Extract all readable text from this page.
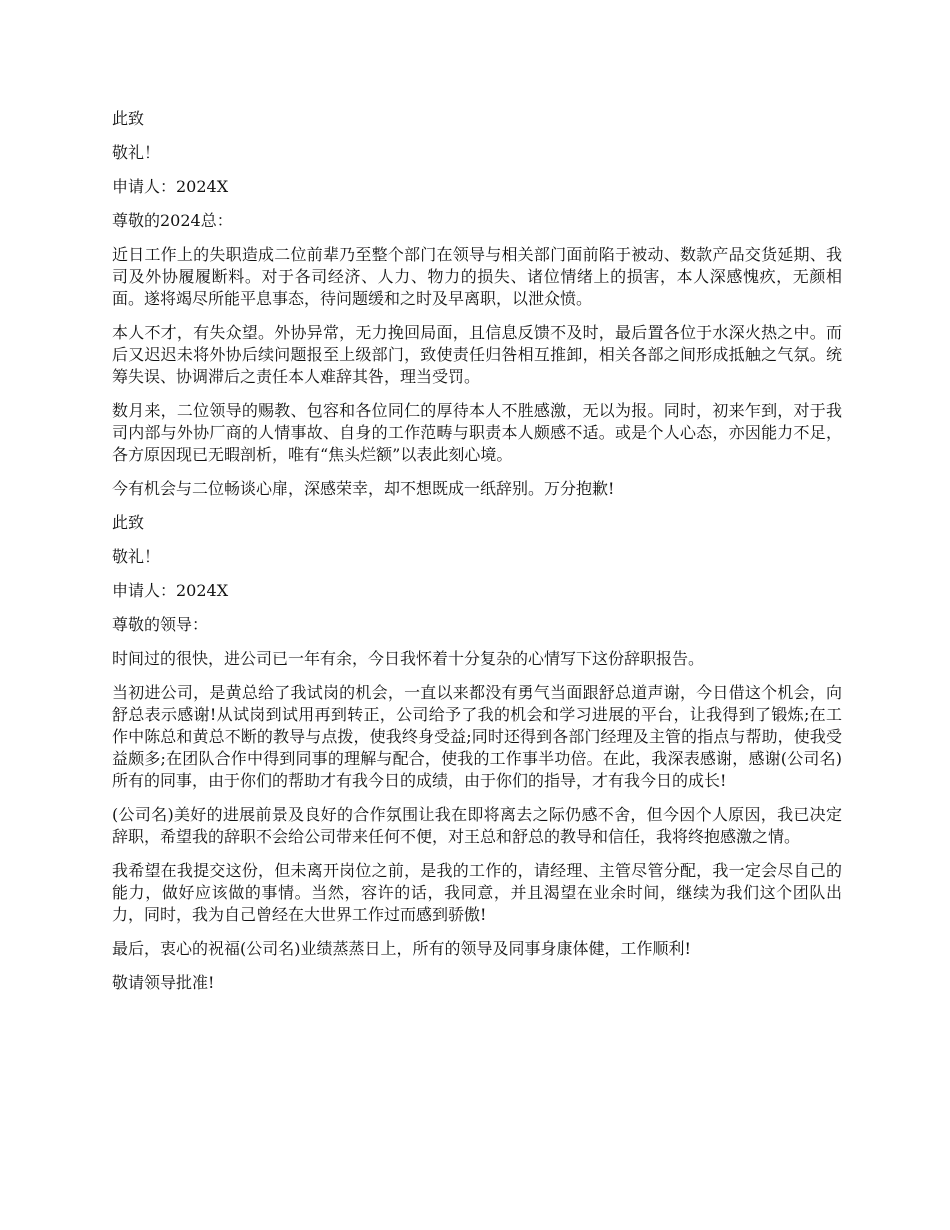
此致

敬礼！

申请人：2024X

尊敬的2024总：

近日工作上的失职造成二位前辈乃至整个部门在领导与相关部门面前陷于被动、数款产品交货延期、我司及外协履履断料。对于各司经济、人力、物力的损失、诸位情绪上的损害，本人深感愧疚，无颜相面。遂将竭尽所能平息事态，待问题缓和之时及早离职，以泄众愤。

本人不才，有失众望。外协异常，无力挽回局面，且信息反馈不及时，最后置各位于水深火热之中。而后又迟迟未将外协后续问题报至上级部门，致使责任归咎相互推卸，相关各部之间形成抵触之气氛。统筹失误、协调滞后之责任本人难辞其咎，理当受罚。

数月来，二位领导的赐教、包容和各位同仁的厚待本人不胜感激，无以为报。同时，初来乍到，对于我司内部与外协厂商的人情事故、自身的工作范畴与职责本人颇感不适。或是个人心态，亦因能力不足，各方原因现已无暇剖析，唯有“焦头烂额”以表此刻心境。

今有机会与二位畅谈心扉，深感荣幸，却不想既成一纸辞别。万分抱歉!

此致

敬礼！

申请人：2024X

尊敬的领导：

时间过的很快，进公司已一年有余，今日我怀着十分复杂的心情写下这份辞职报告。

当初进公司，是黄总给了我试岗的机会，一直以来都没有勇气当面跟舒总道声谢，今日借这个机会，向舒总表示感谢!从试岗到试用再到转正，公司给予了我的机会和学习进展的平台，让我得到了锻炼;在工作中陈总和黄总不断的教导与点拨，使我终身受益;同时还得到各部门经理及主管的指点与帮助，使我受益颇多;在团队合作中得到同事的理解与配合，使我的工作事半功倍。在此，我深表感谢，感谢(公司名)所有的同事，由于你们的帮助才有我今日的成绩，由于你们的指导，才有我今日的成长!

(公司名)美好的进展前景及良好的合作氛围让我在即将离去之际仍感不舍，但今因个人原因，我已决定辞职，希望我的辞职不会给公司带来任何不便，对王总和舒总的教导和信任，我将终抱感激之情。

我希望在我提交这份，但未离开岗位之前，是我的工作的，请经理、主管尽管分配，我一定会尽自己的能力，做好应该做的事情。当然，容许的话，我同意，并且渴望在业余时间，继续为我们这个团队出力，同时，我为自己曾经在大世界工作过而感到骄傲!

最后，衷心的祝福(公司名)业绩蒸蒸日上，所有的领导及同事身康体健，工作顺利!

敬请领导批准!
